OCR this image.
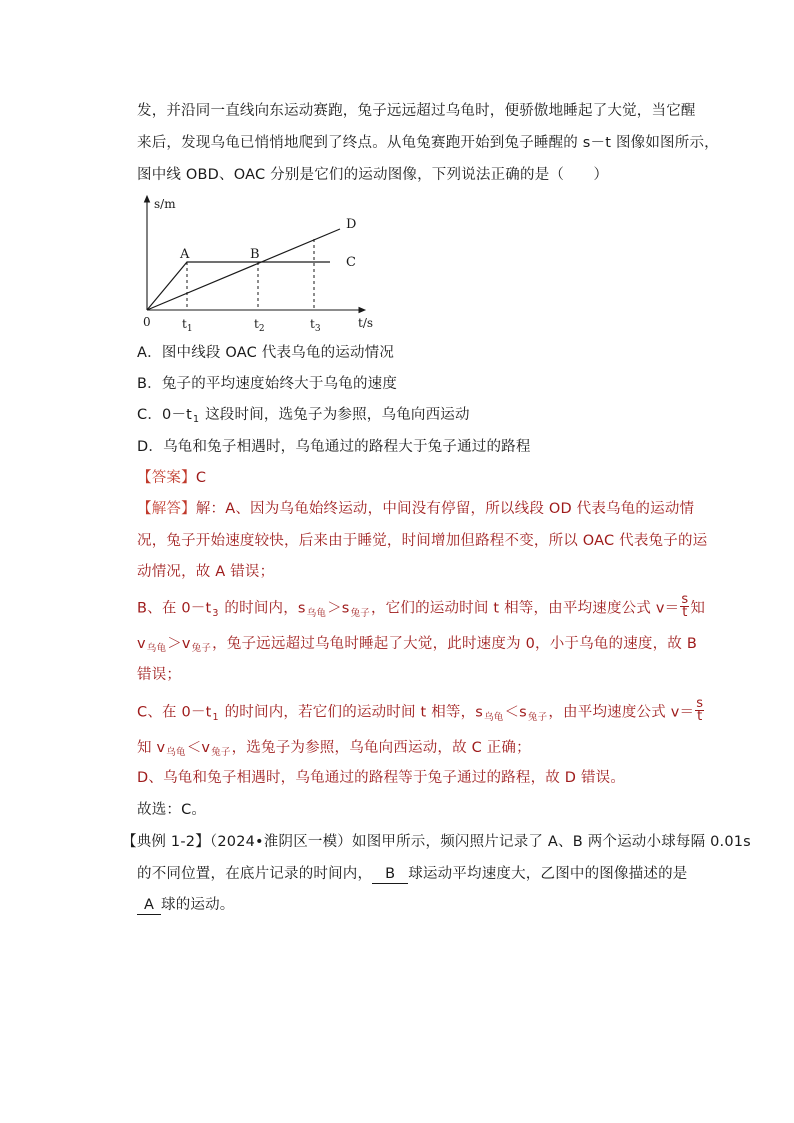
发，并沿同一直线向东运动赛跑，兔子远远超过乌龟时，便骄傲地睡起了大觉，当它醒
来后，发现乌龟已悄悄地爬到了终点。从龟兔赛跑开始到兔子睡醒的 s－t 图像如图所示，
图中线 OBD、OAC 分别是它们的运动图像，下列说法正确的是（　　）
s/m
t/s
0
A	B
C
D
$t_1$	$t_2$	$t_3$
A．图中线段 OAC 代表乌龟的运动情况
B．兔子的平均速度始终大于乌龟的速度
C．$0-t_1$ 这段时间，选兔子为参照，乌龟向西运动
D．乌龟和兔子相遇时，乌龟通过的路程大于兔子通过的路程
【答案】C
【解答】解：A、因为乌龟始终运动，中间没有停留，所以线段 OD 代表乌龟的运动情
况，兔子开始速度较快，后来由于睡觉，时间增加但路程不变，所以 OAC 代表兔子的运
动情况，故 A 错误；
B、在 $0-t_3$ 的时间内，$s_{乌龟}>s_{兔子}$，它们的运动时间 t 相等，由平均速度公式 $v= \frac{s}{t}$ 知
$v_{乌龟}>v_{兔子}$，兔子远远超过乌龟时睡起了大觉，此时速度为 0，小于乌龟的速度，故 B
错误；
C、在 $0-t_1$ 的时间内，若它们的运动时间 t 相等，$s_{乌龟}<s_{兔子}$，由平均速度公式 $v= \frac{s}{t}$
知 $v_{乌龟}<v_{兔子}$，选兔子为参照，乌龟向西运动，故 C 正确；
D、乌龟和兔子相遇时，乌龟通过的路程等于兔子通过的路程，故 D 错误。
故选：C。
【典例 1-2】（2024•淮阴区一模）如图甲所示，频闪照片记录了 A、B 两个运动小球每隔 0.01s
的不同位置，在底片记录的时间内， B 球运动平均速度大，乙图中的图像描述的是
A 球的运动。
